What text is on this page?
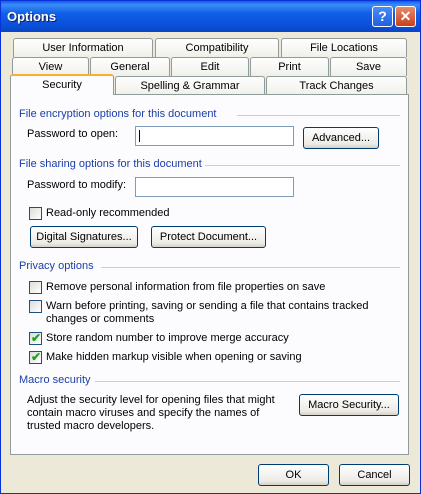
Options	? ✕
User Information	Compatibility	File Locations
View	General	Edit	Print	Save
Security	Spelling & Grammar	Track Changes
File encryption options for this document
Password to open:	Advanced...
File sharing options for this document
Password to modify:
Read-only recommended
Digital Signatures...	Protect Document...
Privacy options
Remove personal information from file properties on save
Warn before printing, saving or sending a file that contains tracked
changes or comments
✔ Store random number to improve merge accuracy
✔ Make hidden markup visible when opening or saving
Macro security
Adjust the security level for opening files that might
contain macro viruses and specify the names of
trusted macro developers.
Macro Security...
OK	Cancel
